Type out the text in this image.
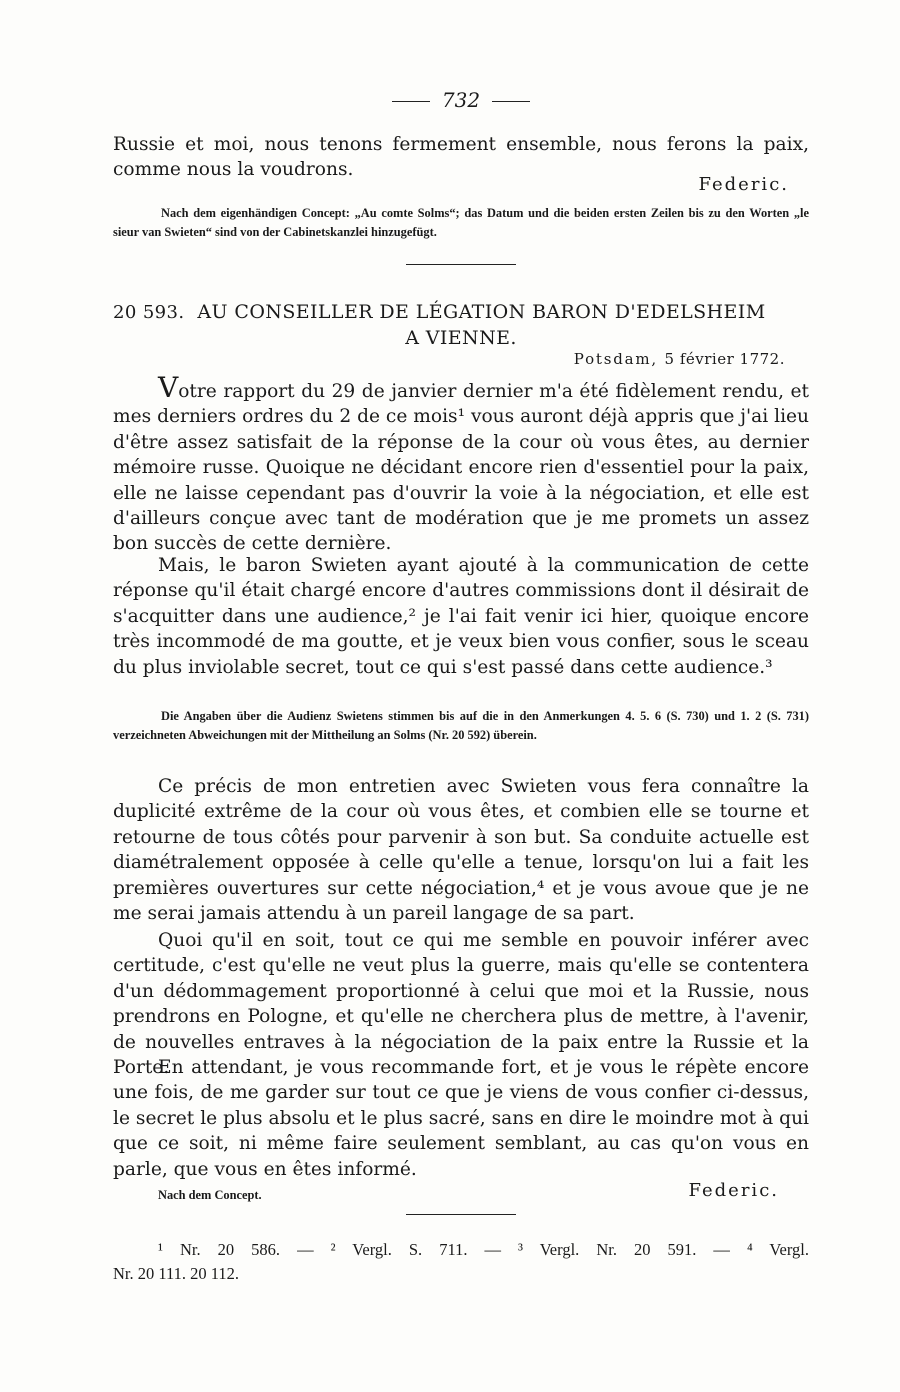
732
Russie et moi, nous tenons fermement ensemble, nous ferons la paix, comme nous la voudrons.
Federic.
Nach dem eigenhändigen Concept: „Au comte Solms“; das Datum und die beiden ersten Zeilen bis zu den Worten „le sieur van Swieten“ sind von der Cabinetskanzlei hinzugefügt.
20 593. AU CONSEILLER DE LÉGATION BARON D'EDELSHEIM
A VIENNE.
Potsdam, 5 février 1772.
Votre rapport du 29 de janvier dernier m'a été fidèlement rendu, et mes derniers ordres du 2 de ce mois¹ vous auront déjà appris que j'ai lieu d'être assez satisfait de la réponse de la cour où vous êtes, au dernier mémoire russe. Quoique ne décidant encore rien d'essentiel pour la paix, elle ne laisse cependant pas d'ouvrir la voie à la négociation, et elle est d'ailleurs conçue avec tant de modération que je me promets un assez bon succès de cette dernière.
Mais, le baron Swieten ayant ajouté à la communication de cette réponse qu'il était chargé encore d'autres commissions dont il désirait de s'acquitter dans une audience,² je l'ai fait venir ici hier, quoique encore très incommodé de ma goutte, et je veux bien vous confier, sous le sceau du plus inviolable secret, tout ce qui s'est passé dans cette audience.³
Die Angaben über die Audienz Swietens stimmen bis auf die in den Anmerkungen 4. 5. 6 (S. 730) und 1. 2 (S. 731) verzeichneten Abweichungen mit der Mittheilung an Solms (Nr. 20 592) überein.
Ce précis de mon entretien avec Swieten vous fera connaître la duplicité extrême de la cour où vous êtes, et combien elle se tourne et retourne de tous côtés pour parvenir à son but. Sa conduite actuelle est diamétralement opposée à celle qu'elle a tenue, lorsqu'on lui a fait les premières ouvertures sur cette négociation,⁴ et je vous avoue que je ne me serai jamais attendu à un pareil langage de sa part.
Quoi qu'il en soit, tout ce qui me semble en pouvoir inférer avec certitude, c'est qu'elle ne veut plus la guerre, mais qu'elle se contentera d'un dédommagement proportionné à celui que moi et la Russie, nous prendrons en Pologne, et qu'elle ne cherchera plus de mettre, à l'avenir, de nouvelles entraves à la négociation de la paix entre la Russie et la Porte.
En attendant, je vous recommande fort, et je vous le répète encore une fois, de me garder sur tout ce que je viens de vous confier ci-dessus, le secret le plus absolu et le plus sacré, sans en dire le moindre mot à qui que ce soit, ni même faire seulement semblant, au cas qu'on vous en parle, que vous en êtes informé.
Nach dem Concept.	Federic.
¹ Nr. 20 586. — ² Vergl. S. 711. — ³ Vergl. Nr. 20 591. — ⁴ Vergl.
Nr. 20 111. 20 112.
